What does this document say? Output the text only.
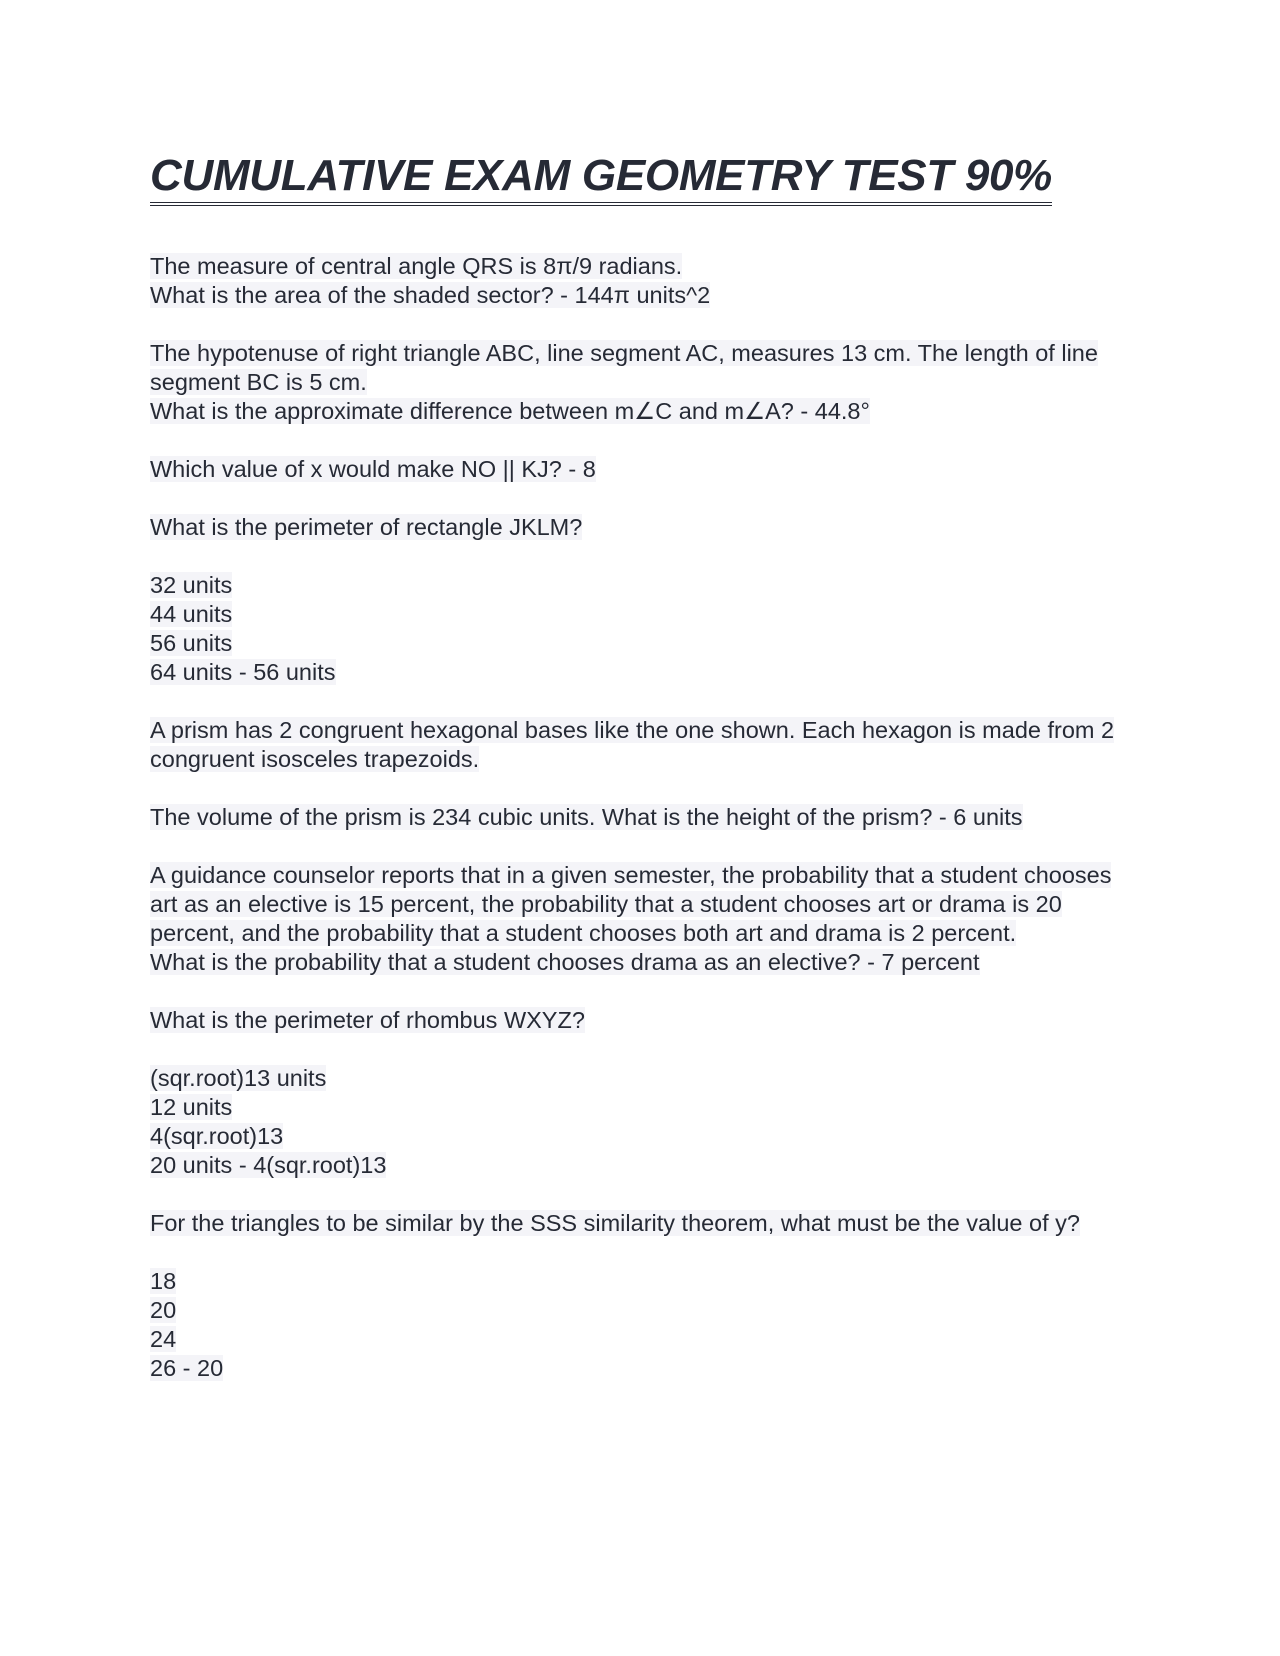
CUMULATIVE EXAM GEOMETRY TEST 90%

The measure of central angle QRS is 8π/9 radians.
What is the area of the shaded sector? - 144π units^2

The hypotenuse of right triangle ABC, line segment AC, measures 13 cm. The length of line segment BC is 5 cm.
What is the approximate difference between m∠C and m∠A? - 44.8°

Which value of x would make NO || KJ? - 8

What is the perimeter of rectangle JKLM?

32 units
44 units
56 units
64 units - 56 units

A prism has 2 congruent hexagonal bases like the one shown. Each hexagon is made from 2 congruent isosceles trapezoids.

The volume of the prism is 234 cubic units. What is the height of the prism? - 6 units

A guidance counselor reports that in a given semester, the probability that a student chooses art as an elective is 15 percent, the probability that a student chooses art or drama is 20 percent, and the probability that a student chooses both art and drama is 2 percent.
What is the probability that a student chooses drama as an elective? - 7 percent

What is the perimeter of rhombus WXYZ?

(sqr.root)13 units
12 units
4(sqr.root)13
20 units - 4(sqr.root)13

For the triangles to be similar by the SSS similarity theorem, what must be the value of y?

18
20
24
26 - 20
